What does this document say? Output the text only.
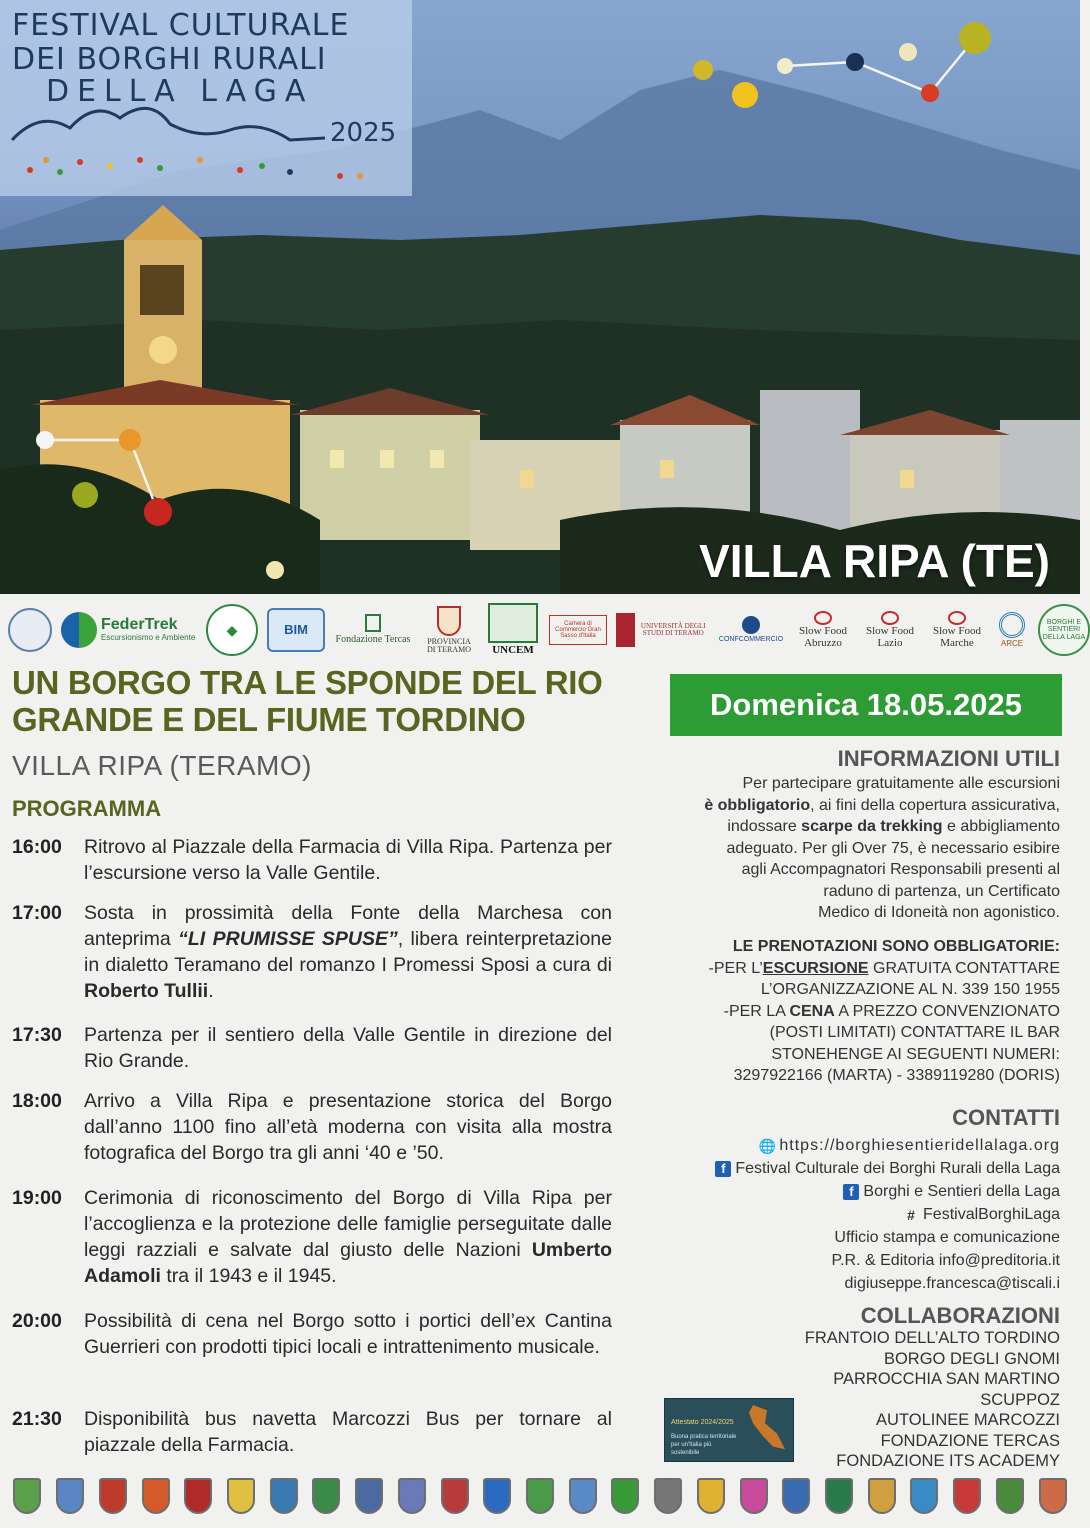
FESTIVAL CULTURALE
DEI BORGHI RURALI
DELLA LAGA
2025
VILLA RIPA (TE)
FederTrek
Escursionismo e Ambiente
◆	BIM
Fondazione Tercas PROVINCIA
DI TERAMO UNCEM
Camera di Commercio Gran Sasso d'Italia
UNIVERSITÀ DEGLI STUDI DI TERAMO
CONFCOMMERCIO
Slow Food
Abruzzo
Slow Food
Lazio
Slow Food
Marche	ARCE
BORGHI E SENTIERI DELLA LAGA
UN BORGO TRA LE SPONDE DEL RIO
GRANDE E DEL FIUME TORDINO
VILLA RIPA (TERAMO)
PROGRAMMA
16:00 Ritrovo al Piazzale della Farmacia di Villa Ripa. Partenza per l’escursione verso la Valle Gentile.
17:00 Sosta in prossimità della Fonte della Marchesa con anteprima “LI PRUMISSE SPUSE”, libera reinterpretazione in dialetto Teramano del romanzo I Promessi Sposi a cura di Roberto Tullii.
17:30 Partenza per il sentiero della Valle Gentile in direzione del Rio Grande.
18:00 Arrivo a Villa Ripa e presentazione storica del Borgo dall’anno 1100 fino all’età moderna con visita alla mostra fotografica del Borgo tra gli anni ‘40 e ’50.
19:00 Cerimonia di riconoscimento del Borgo di Villa Ripa per l’accoglienza e la protezione delle famiglie perseguitate dalle leggi razziali e salvate dal giusto delle Nazioni Umberto Adamoli tra il 1943 e il 1945.
20:00 Possibilità di cena nel Borgo sotto i portici dell’ex Cantina Guerrieri con prodotti tipici locali e intrattenimento musicale.
21:30 Disponibilità bus navetta Marcozzi Bus per tornare al piazzale della Farmacia.
Domenica 18.05.2025
INFORMAZIONI UTILI
Per partecipare gratuitamente alle escursioni
è obbligatorio, ai fini della copertura assicurativa,
indossare scarpe da trekking e abbigliamento
adeguato. Per gli Over 75, è necessario esibire
agli Accompagnatori Responsabili presenti al
raduno di partenza, un Certificato
Medico di Idoneità non agonistico.
LE PRENOTAZIONI SONO OBBLIGATORIE:
-PER L’ESCURSIONE GRATUITA CONTATTARE
L’ORGANIZZAZIONE AL N. 339 150 1955
-PER LA CENA A PREZZO CONVENZIONATO
(POSTI LIMITATI) CONTATTARE IL BAR
STONEHENGE AI SEGUENTI NUMERI:
3297922166 (MARTA) - 3389119280 (DORIS)
CONTATTI
🌐 https://borghiesentieridellalaga.org
f Festival Culturale dei Borghi Rurali della Laga
f Borghi e Sentieri della Laga
# FestivalBorghiLaga
Ufficio stampa e comunicazione
P.R. & Editoria info@preditoria.it
digiuseppe.francesca@tiscali.i
COLLABORAZIONI
FRANTOIO DELL’ALTO TORDINO
BORGO DEGLI GNOMI
PARROCCHIA SAN MARTINO
SCUPPOZ
AUTOLINEE MARCOZZI
FONDAZIONE TERCAS
FONDAZIONE ITS ACADEMY
Attestato 2024/2025
Buona pratica territoriale per un'Italia più sostenibile
